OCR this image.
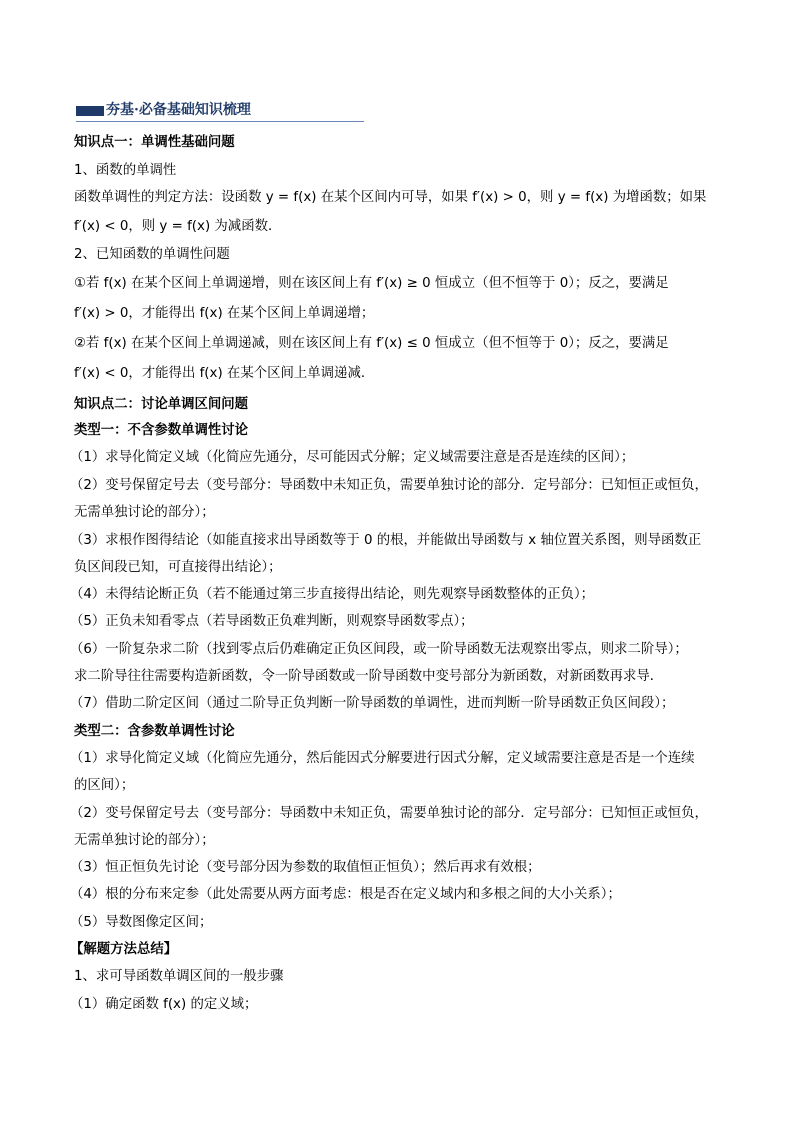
夯基·必备基础知识梳理
知识点一：单调性基础问题
1、函数的单调性
函数单调性的判定方法：设函数 y = f(x) 在某个区间内可导，如果 f′(x) > 0，则 y = f(x) 为增函数；如果
f′(x) < 0，则 y = f(x) 为减函数．
2、已知函数的单调性问题
①若 f(x) 在某个区间上单调递增，则在该区间上有 f′(x) ≥ 0 恒成立（但不恒等于 0）；反之，要满足
f′(x) > 0，才能得出 f(x) 在某个区间上单调递增；
②若 f(x) 在某个区间上单调递减，则在该区间上有 f′(x) ≤ 0 恒成立（但不恒等于 0）；反之，要满足
f′(x) < 0，才能得出 f(x) 在某个区间上单调递减．
知识点二：讨论单调区间问题
类型一：不含参数单调性讨论
（1）求导化简定义域（化简应先通分，尽可能因式分解；定义域需要注意是否是连续的区间）；
（2）变号保留定号去（变号部分：导函数中未知正负，需要单独讨论的部分．定号部分：已知恒正或恒负，
无需单独讨论的部分）；
（3）求根作图得结论（如能直接求出导函数等于 0 的根，并能做出导函数与 x 轴位置关系图，则导函数正
负区间段已知，可直接得出结论）；
（4）未得结论断正负（若不能通过第三步直接得出结论，则先观察导函数整体的正负）；
（5）正负未知看零点（若导函数正负难判断，则观察导函数零点）；
（6）一阶复杂求二阶（找到零点后仍难确定正负区间段，或一阶导函数无法观察出零点，则求二阶导）；
求二阶导往往需要构造新函数，令一阶导函数或一阶导函数中变号部分为新函数，对新函数再求导．
（7）借助二阶定区间（通过二阶导正负判断一阶导函数的单调性，进而判断一阶导函数正负区间段）；
类型二：含参数单调性讨论
（1）求导化简定义域（化简应先通分，然后能因式分解要进行因式分解，定义域需要注意是否是一个连续
的区间）；
（2）变号保留定号去（变号部分：导函数中未知正负，需要单独讨论的部分．定号部分：已知恒正或恒负，
无需单独讨论的部分）；
（3）恒正恒负先讨论（变号部分因为参数的取值恒正恒负）；然后再求有效根；
（4）根的分布来定参（此处需要从两方面考虑：根是否在定义域内和多根之间的大小关系）；
（5）导数图像定区间；
【解题方法总结】
1、求可导函数单调区间的一般步骤
（1）确定函数 f(x) 的定义域；
